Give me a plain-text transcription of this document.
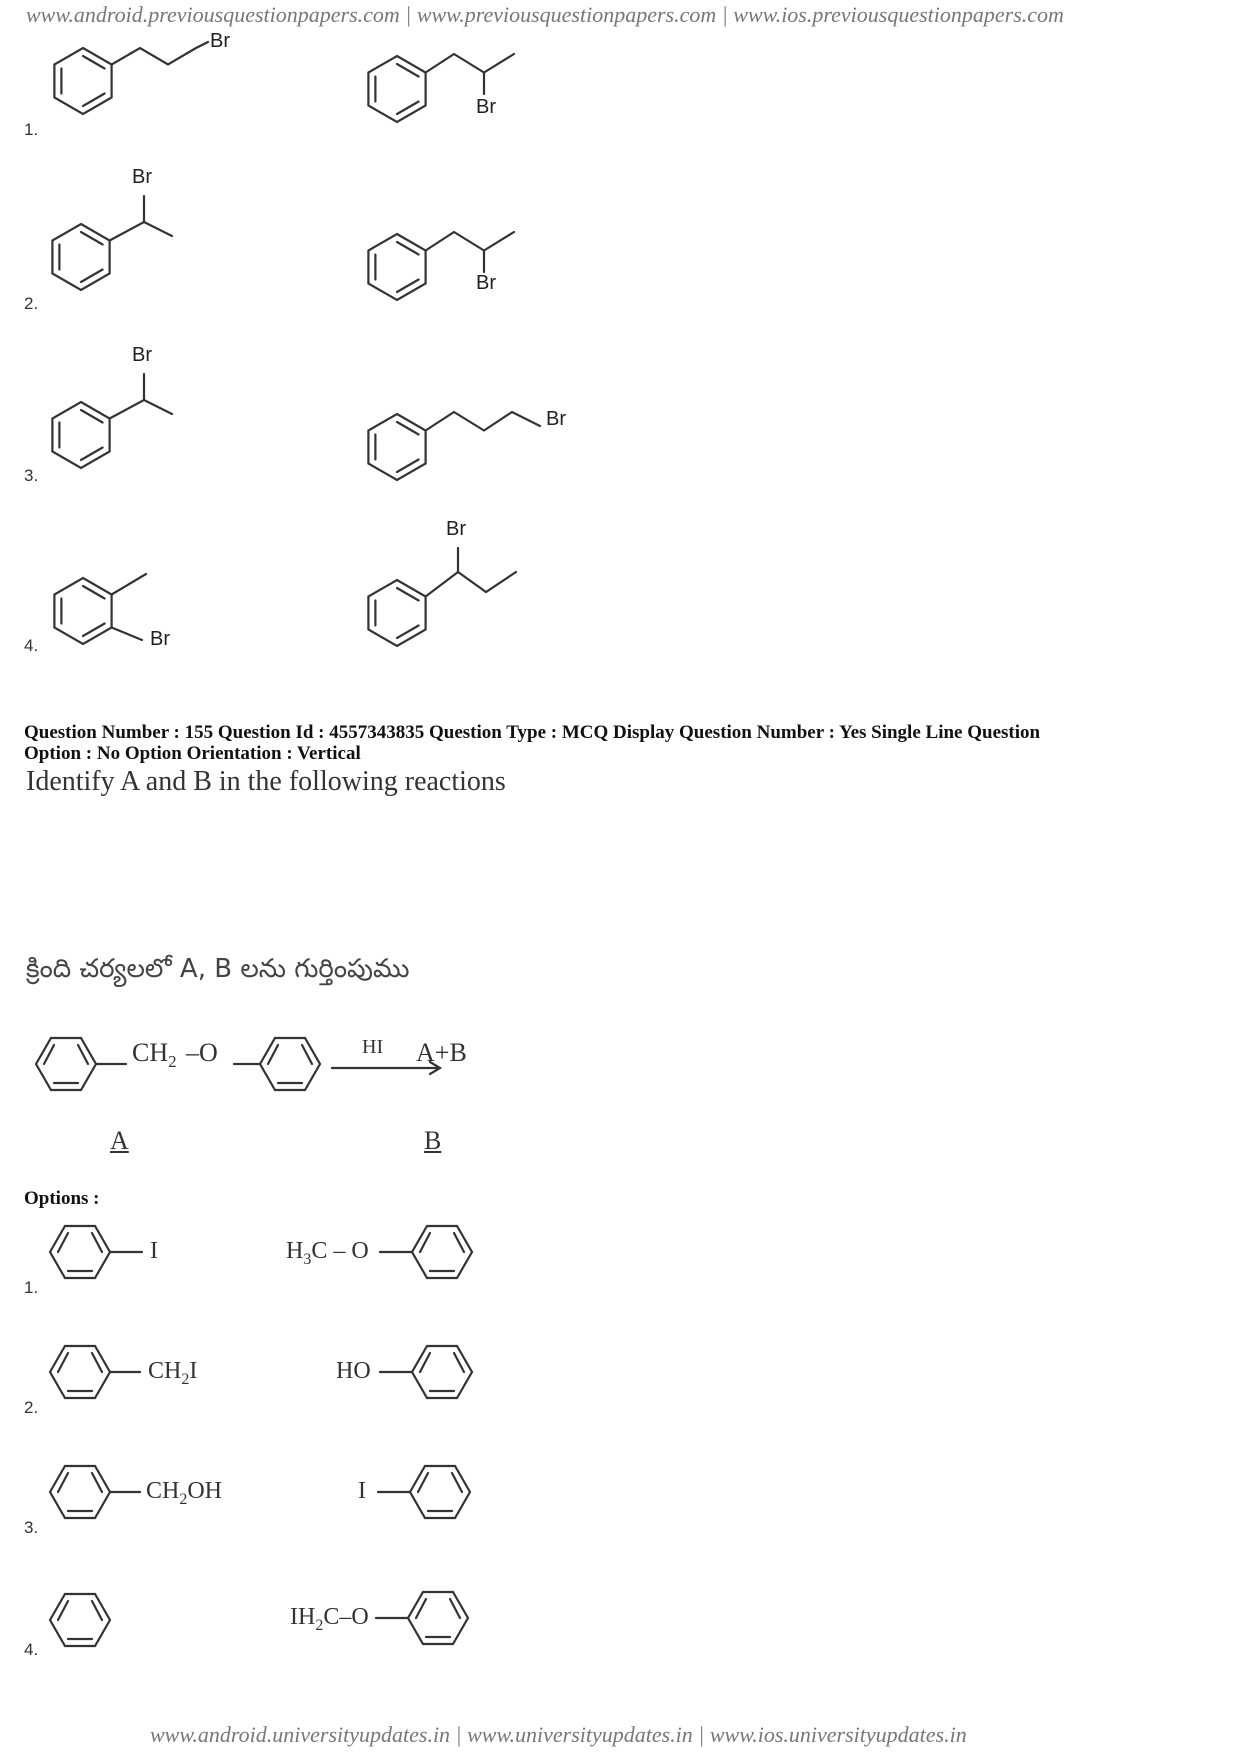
www.android.previousquestionpapers.com | www.previousquestionpapers.com | www.ios.previousquestionpapers.com
1.
Br
Br
2.
Br
Br
3.
Br
Br
4.	Br
Br
Question Number : 155 Question Id : 4557343835 Question Type : MCQ Display Question Number : Yes Single Line Question
Option : No Option Orientation : Vertical
Identify A and B in the following reactions
క్రింది చర్యలలో A, B లను గుర్తింపుము
$CH_2$ –O	HI A+B
A	B
Options :
1.
I	$H_3C$ – O
2.
$CH_2I$	HO
3.
$CH_2OH$	I
4.
$IH_2C-O$
www.android.universityupdates.in | www.universityupdates.in | www.ios.universityupdates.in
